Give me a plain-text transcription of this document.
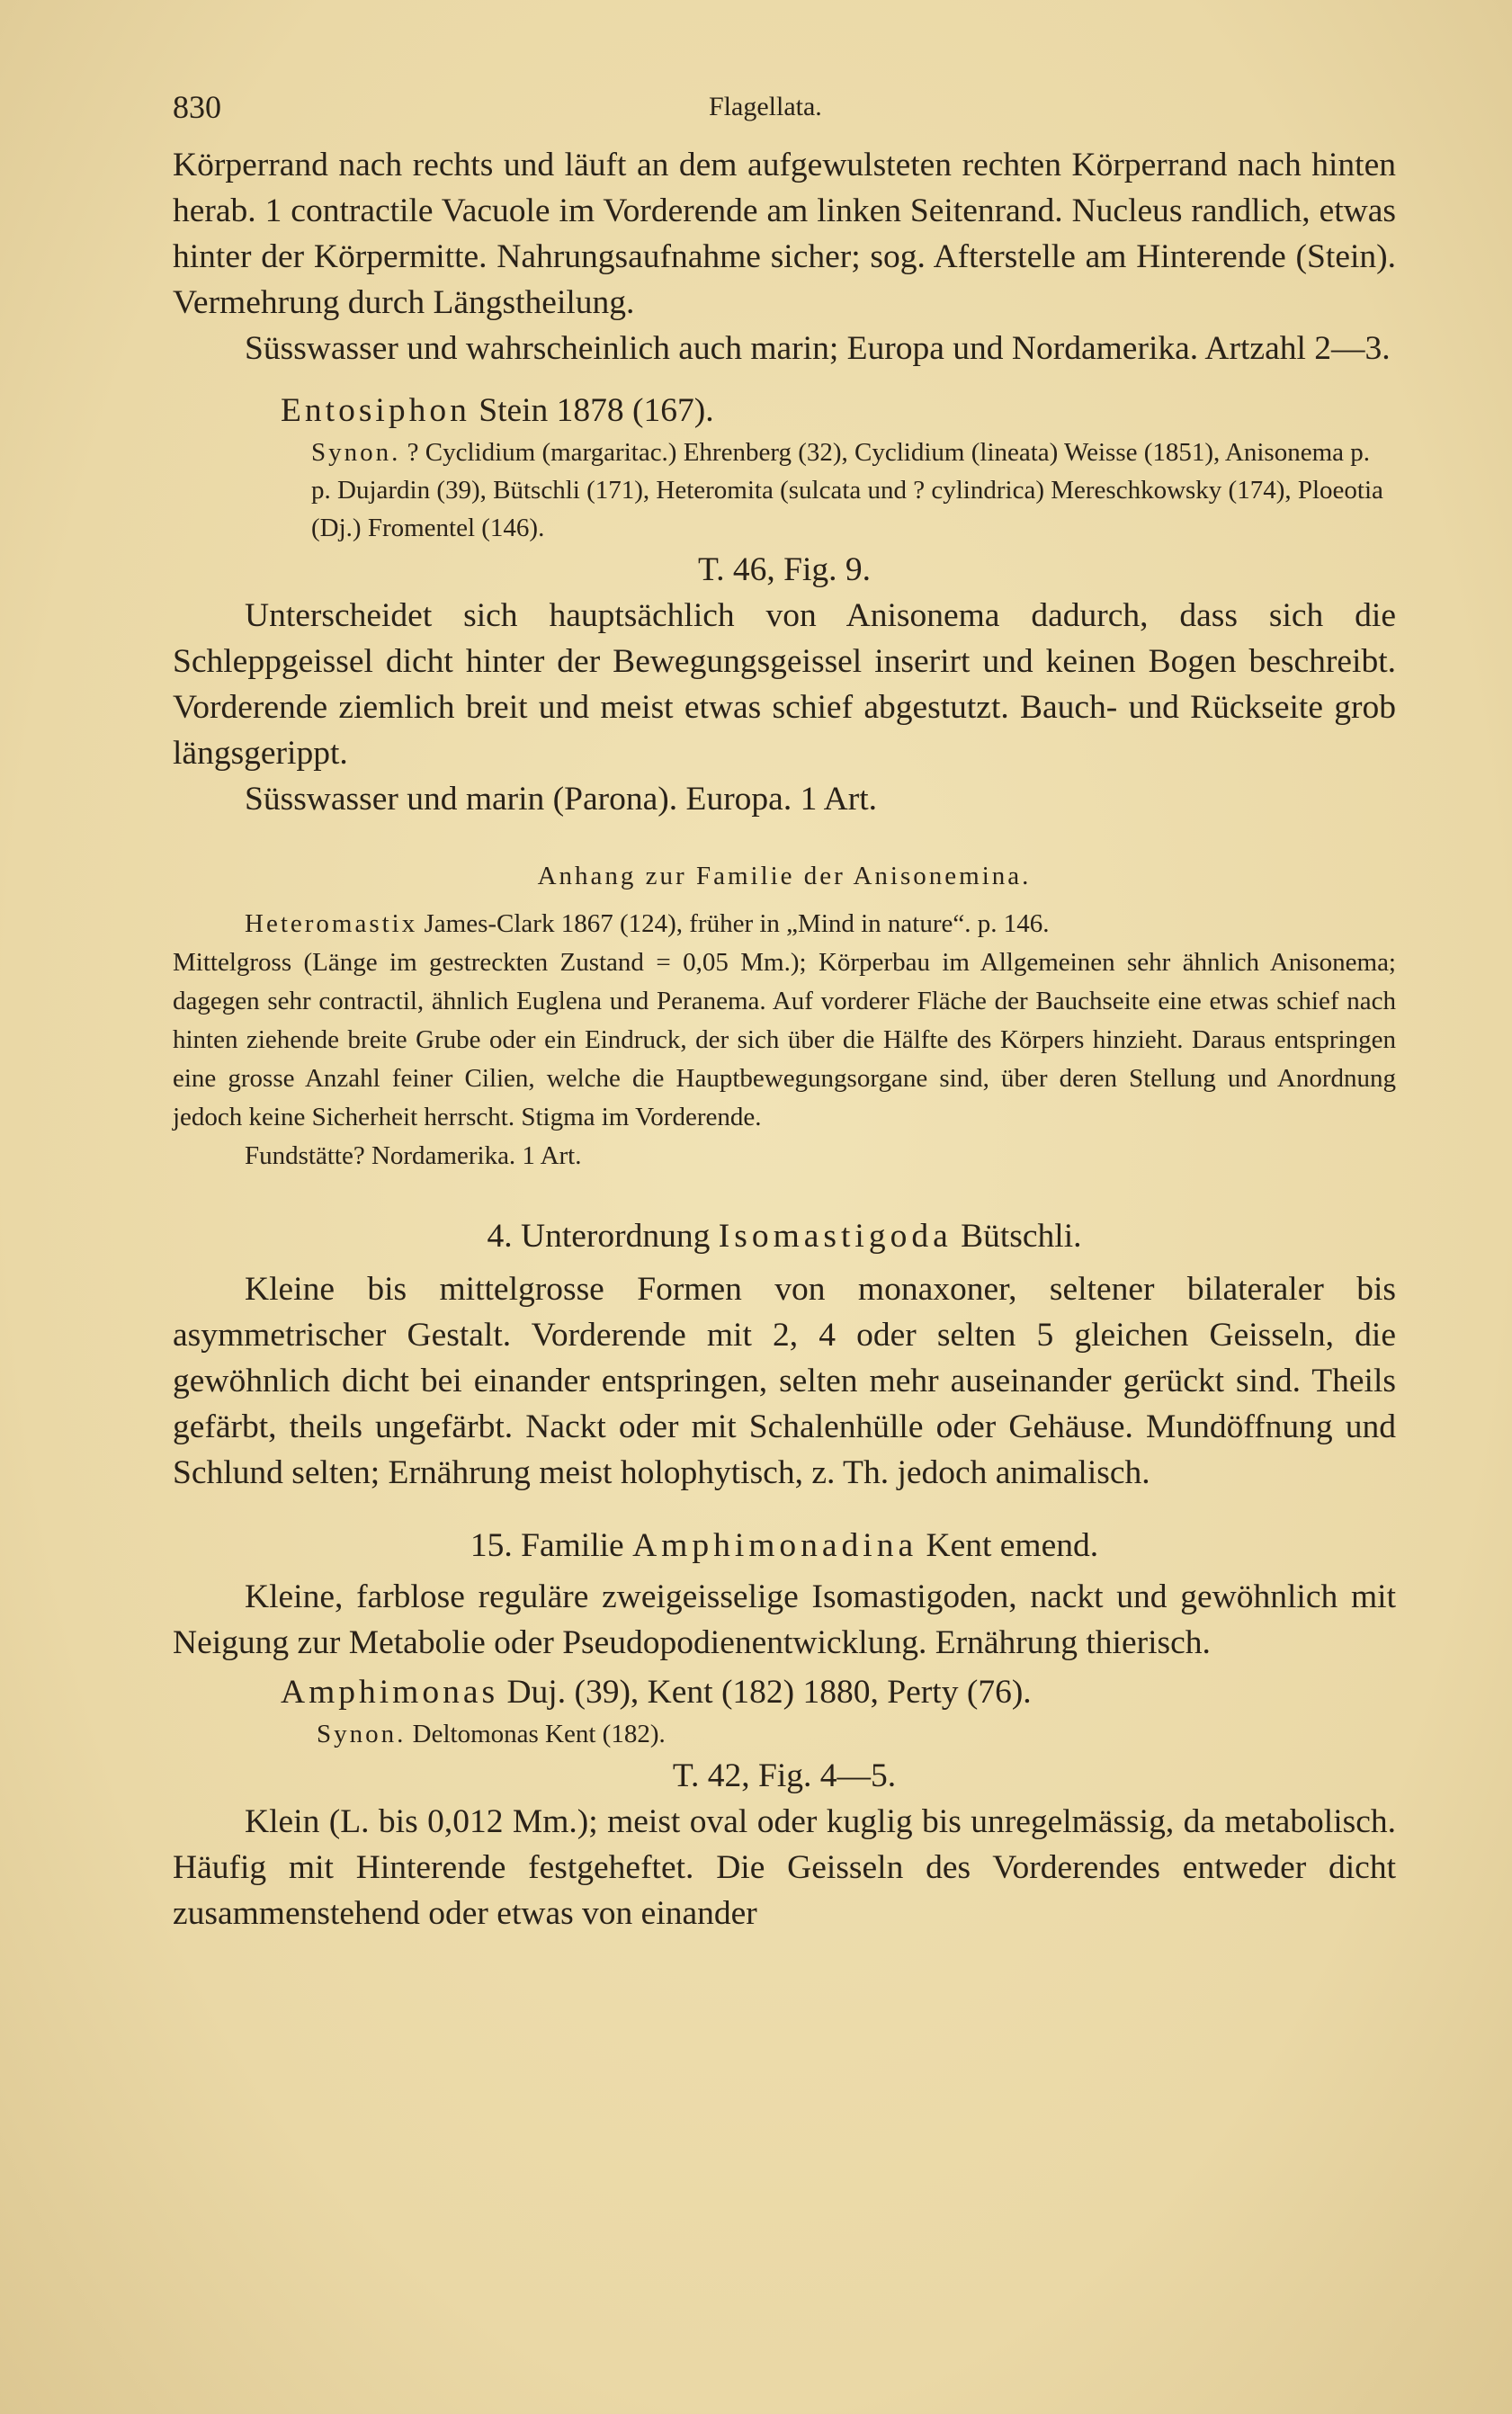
830	Flagellata.

Körperrand nach rechts und läuft an dem aufgewulsteten rechten Körperrand nach hinten herab. 1 contractile Vacuole im Vorderende am linken Seitenrand. Nucleus randlich, etwas hinter der Körpermitte. Nahrungsaufnahme sicher; sog. Afterstelle am Hinterende (Stein). Vermehrung durch Längstheilung.

Süsswasser und wahrscheinlich auch marin; Europa und Nordamerika. Artzahl 2—3.

Entosiphon Stein 1878 (167).

Synon. ? Cyclidium (margaritac.) Ehrenberg (32), Cyclidium (lineata) Weisse (1851), Anisonema p. p. Dujardin (39), Bütschli (171), Heteromita (sulcata und ? cylindrica) Mereschkowsky (174), Ploeotia (Dj.) Fromentel (146).

T. 46, Fig. 9.

Unterscheidet sich hauptsächlich von Anisonema dadurch, dass sich die Schleppgeissel dicht hinter der Bewegungsgeissel inserirt und keinen Bogen beschreibt. Vorderende ziemlich breit und meist etwas schief abgestutzt. Bauch- und Rückseite grob längsgerippt.

Süsswasser und marin (Parona). Europa. 1 Art.

Anhang zur Familie der Anisonemina.

Heteromastix James-Clark 1867 (124), früher in „Mind in nature“. p. 146.

Mittelgross (Länge im gestreckten Zustand = 0,05 Mm.); Körperbau im Allgemeinen sehr ähnlich Anisonema; dagegen sehr contractil, ähnlich Euglena und Peranema. Auf vorderer Fläche der Bauchseite eine etwas schief nach hinten ziehende breite Grube oder ein Eindruck, der sich über die Hälfte des Körpers hinzieht. Daraus entspringen eine grosse Anzahl feiner Cilien, welche die Hauptbewegungsorgane sind, über deren Stellung und Anordnung jedoch keine Sicherheit herrscht. Stigma im Vorderende.

Fundstätte? Nordamerika. 1 Art.

4. Unterordnung Isomastigoda Bütschli.

Kleine bis mittelgrosse Formen von monaxoner, seltener bilateraler bis asymmetrischer Gestalt. Vorderende mit 2, 4 oder selten 5 gleichen Geisseln, die gewöhnlich dicht bei einander entspringen, selten mehr auseinander gerückt sind. Theils gefärbt, theils ungefärbt. Nackt oder mit Schalenhülle oder Gehäuse. Mundöffnung und Schlund selten; Ernährung meist holophytisch, z. Th. jedoch animalisch.

15. Familie Amphimonadina Kent emend.

Kleine, farblose reguläre zweigeisselige Isomastigoden, nackt und gewöhnlich mit Neigung zur Metabolie oder Pseudopodienentwicklung. Ernährung thierisch.

Amphimonas Duj. (39), Kent (182) 1880, Perty (76).

Synon. Deltomonas Kent (182).

T. 42, Fig. 4—5.

Klein (L. bis 0,012 Mm.); meist oval oder kuglig bis unregelmässig, da metabolisch. Häufig mit Hinterende festgeheftet. Die Geisseln des Vorderendes entweder dicht zusammenstehend oder etwas von einander
